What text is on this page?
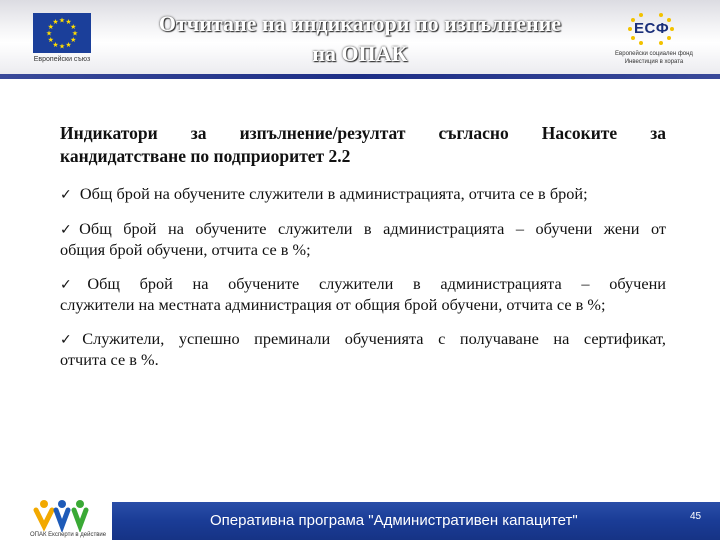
★ ★
★
★
★
★
★
★
★
★
★
★
Европейски съюз
Отчитане на индикатори по изпълнение
на ОПАК
ЕСФ
Европейски социален фонд
Инвестиция в хората
Индикатори за изпълнение/резултат съгласно Насоките за
кандидатстване по подприоритет 2.2
✓ Общ брой на обучените служители в администрацията, отчита се в брой;
✓Общ брой на обучените служители в администрацията – обучени жени от
общия брой обучени, отчита се в %;
✓Общ брой на обучените служители в администрацията – обучени
служители на местната администрация от общия брой обучени, отчита се в %;
✓Служители, успешно преминали обученията с получаване на сертификат,
отчита се в %.
Оперативна програма "Административен капацитет"	45
ОПАК Експерти в действие
